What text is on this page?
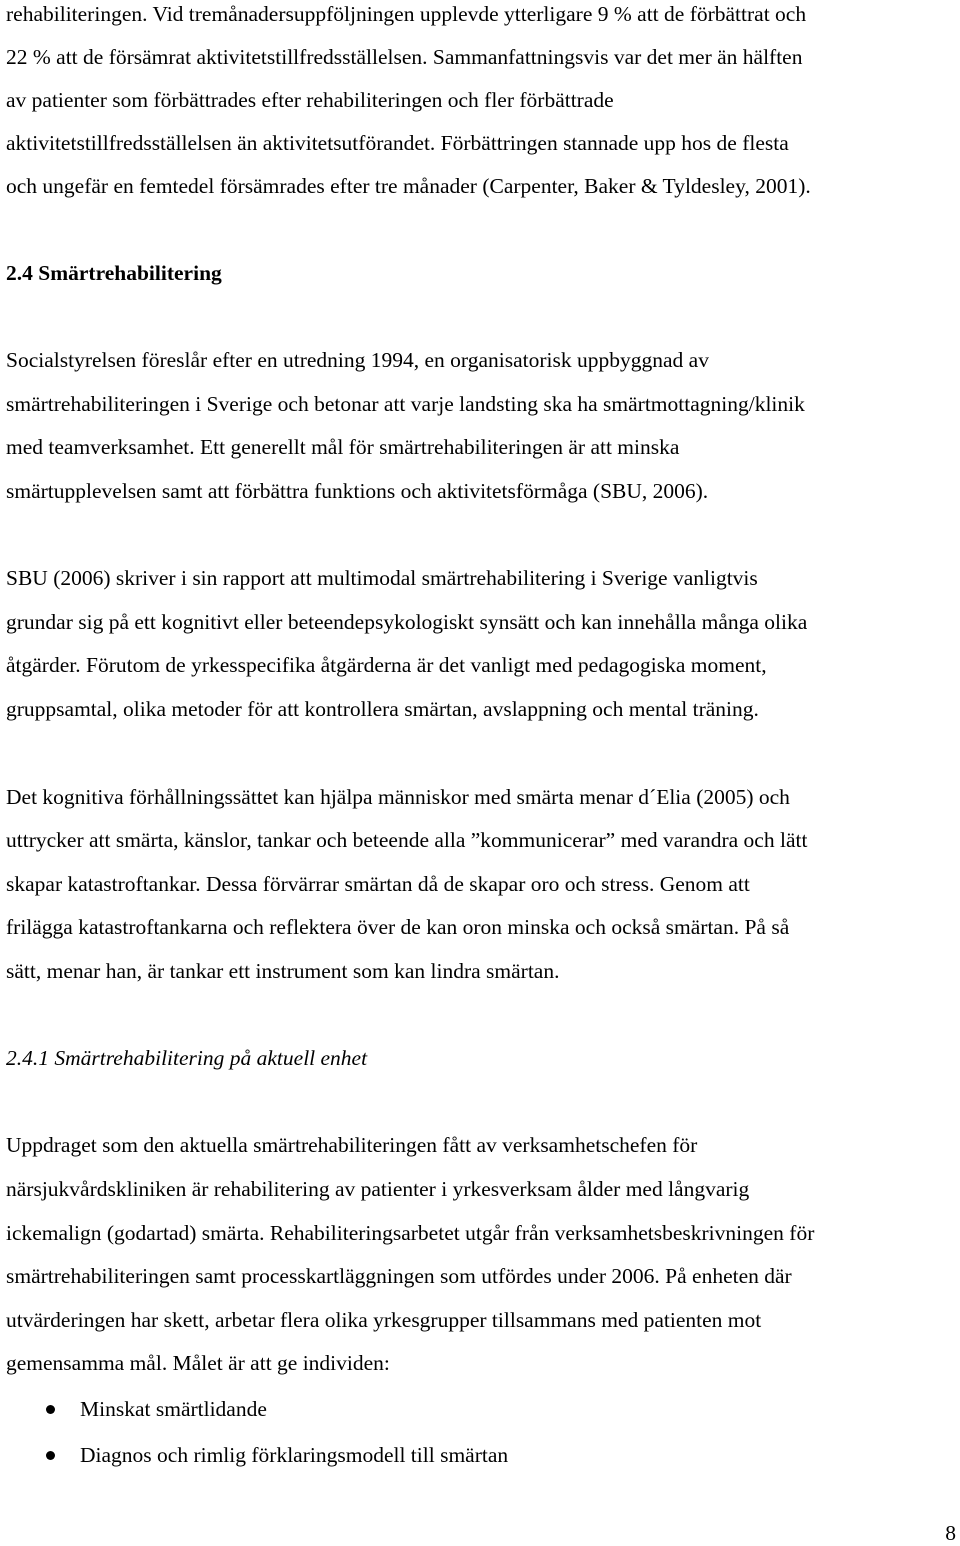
rehabiliteringen. Vid tremånadersuppföljningen upplevde ytterligare 9 % att de förbättrat och
22 % att de försämrat aktivitetstillfredsställelsen. Sammanfattningsvis var det mer än hälften
av patienter som förbättrades efter rehabiliteringen och fler förbättrade
aktivitetstillfredsställelsen än aktivitetsutförandet. Förbättringen stannade upp hos de flesta
och ungefär en femtedel försämrades efter tre månader (Carpenter, Baker & Tyldesley, 2001).
2.4 Smärtrehabilitering
Socialstyrelsen föreslår efter en utredning 1994, en organisatorisk uppbyggnad av
smärtrehabiliteringen i Sverige och betonar att varje landsting ska ha smärtmottagning/klinik
med teamverksamhet. Ett generellt mål för smärtrehabiliteringen är att minska
smärtupplevelsen samt att förbättra funktions och aktivitetsförmåga (SBU, 2006).
SBU (2006) skriver i sin rapport att multimodal smärtrehabilitering i Sverige vanligtvis
grundar sig på ett kognitivt eller beteendepsykologiskt synsätt och kan innehålla många olika
åtgärder. Förutom de yrkesspecifika åtgärderna är det vanligt med pedagogiska moment,
gruppsamtal, olika metoder för att kontrollera smärtan, avslappning och mental träning.
Det kognitiva förhållningssättet kan hjälpa människor med smärta menar d´Elia (2005) och
uttrycker att smärta, känslor, tankar och beteende alla ”kommunicerar” med varandra och lätt
skapar katastroftankar. Dessa förvärrar smärtan då de skapar oro och stress. Genom att
frilägga katastroftankarna och reflektera över de kan oron minska och också smärtan. På så
sätt, menar han, är tankar ett instrument som kan lindra smärtan.
2.4.1 Smärtrehabilitering på aktuell enhet
Uppdraget som den aktuella smärtrehabiliteringen fått av verksamhetschefen för
närsjukvårdskliniken är rehabilitering av patienter i yrkesverksam ålder med långvarig
ickemalign (godartad) smärta. Rehabiliteringsarbetet utgår från verksamhetsbeskrivningen för
smärtrehabiliteringen samt processkartläggningen som utfördes under 2006. På enheten där
utvärderingen har skett, arbetar flera olika yrkesgrupper tillsammans med patienten mot
gemensamma mål. Målet är att ge individen:
Minskat smärtlidande
Diagnos och rimlig förklaringsmodell till smärtan
8
